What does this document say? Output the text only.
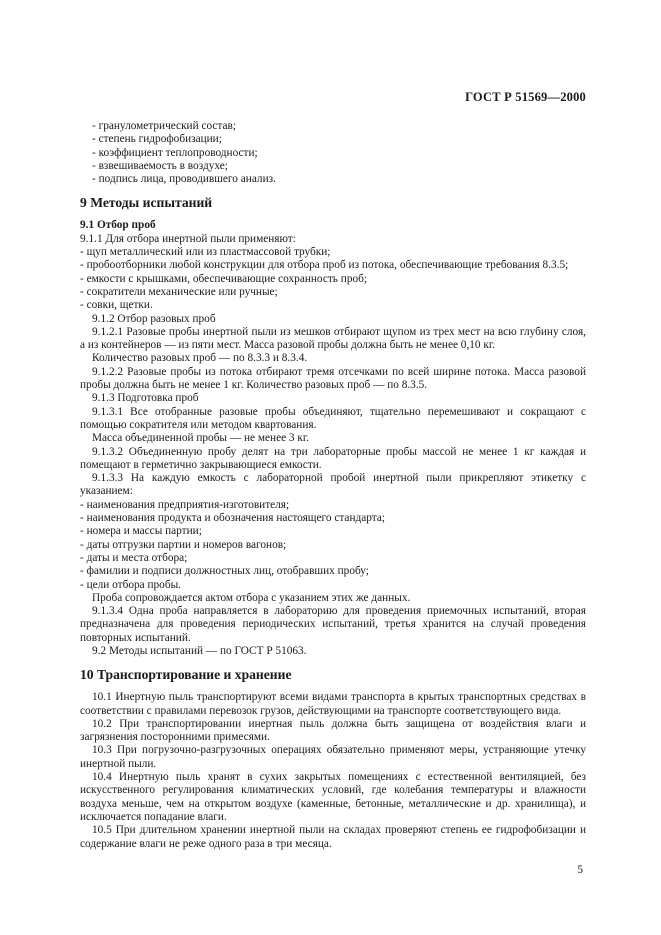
ГОСТ Р 51569—2000

- гранулометрический состав;

- степень гидрофобизации;

- коэффициент теплопроводности;

- взвешиваемость в воздухе;

- подпись лица, проводившего анализ.

9 Методы испытаний

9.1 Отбор проб

9.1.1 Для отбора инертной пыли применяют:

- щуп металлический или из пластмассовой трубки;

- пробоотборники любой конструкции для отбора проб из потока, обеспечивающие требования 8.3.5;

- емкости с крышками, обеспечивающие сохранность проб;

- сократители механические или ручные;

- совки, щетки.

9.1.2 Отбор разовых проб

9.1.2.1 Разовые пробы инертной пыли из мешков отбирают щупом из трех мест на всю глубину слоя, а из контейнеров — из пяти мест. Масса разовой пробы должна быть не менее 0,10 кг.

Количество разовых проб — по 8.3.3 и 8.3.4.

9.1.2.2 Разовые пробы из потока отбирают тремя отсечками по всей ширине потока. Масса разовой пробы должна быть не менее 1 кг. Количество разовых проб — по 8.3.5.

9.1.3 Подготовка проб

9.1.3.1 Все отобранные разовые пробы объединяют, тщательно перемешивают и сокращают с помощью сократителя или методом квартования.

Масса объединенной пробы — не менее 3 кг.

9.1.3.2 Объединенную пробу делят на три лабораторные пробы массой не менее 1 кг каждая и помещают в герметично закрывающиеся емкости.

9.1.3.3 На каждую емкость с лабораторной пробой инертной пыли прикрепляют этикетку с указанием:

- наименования предприятия-изготовителя;

- наименования продукта и обозначения настоящего стандарта;

- номера и массы партии;

- даты отгрузки партии и номеров вагонов;

- даты и места отбора;

- фамилии и подписи должностных лиц, отобравших пробу;

- цели отбора пробы.

Проба сопровождается актом отбора с указанием этих же данных.

9.1.3.4 Одна проба направляется в лабораторию для проведения приемочных испытаний, вторая предназначена для проведения периодических испытаний, третья хранится на случай проведения повторных испытаний.

9.2 Методы испытаний — по ГОСТ Р 51063.

10 Транспортирование и хранение

10.1 Инертную пыль транспортируют всеми видами транспорта в крытых транспортных средствах в соответствии с правилами перевозок грузов, действующими на транспорте соответствующего вида.

10.2 При транспортировании инертная пыль должна быть защищена от воздействия влаги и загрязнения посторонними примесями.

10.3 При погрузочно-разгрузочных операциях обязательно применяют меры, устраняющие утечку инертной пыли.

10.4 Инертную пыль хранят в сухих закрытых помещениях с естественной вентиляцией, без искусственного регулирования климатических условий, где колебания температуры и влажности воздуха меньше, чем на открытом воздухе (каменные, бетонные, металлические и др. хранилища), и исключается попадание влаги.

10.5 При длительном хранении инертной пыли на складах проверяют степень ее гидрофобизации и содержание влаги не реже одного раза в три месяца.

5
